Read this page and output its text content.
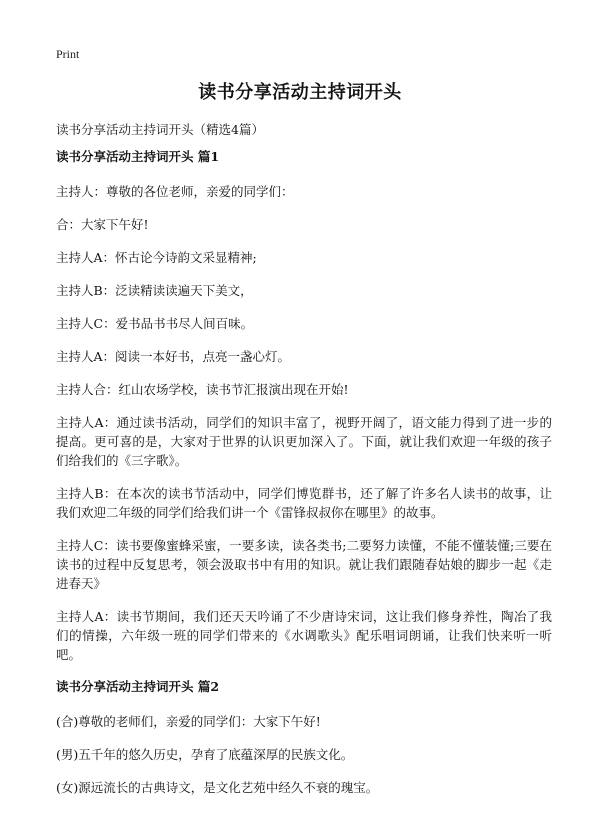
Print
读书分享活动主持词开头
读书分享活动主持词开头（精选4篇）
读书分享活动主持词开头 篇1

主持人：尊敬的各位老师，亲爱的同学们：

合：大家下午好!

主持人A：怀古论今诗韵文采显精神;

主持人B：泛读精读读遍天下美文，

主持人C：爱书品书书尽人间百味。

主持人A：阅读一本好书，点亮一盏心灯。

主持人合：红山农场学校，读书节汇报演出现在开始!

主持人A：通过读书活动，同学们的知识丰富了，视野开阔了，语文能力得到了进一步的提高。更可喜的是，大家对于世界的认识更加深入了。下面，就让我们欢迎一年级的孩子们给我们的《三字歌》。

主持人B：在本次的读书节活动中，同学们博览群书，还了解了许多名人读书的故事，让我们欢迎二年级的同学们给我们讲一个《雷锋叔叔你在哪里》的故事。

主持人C：读书要像蜜蜂采蜜，一要多读，读各类书;二要努力读懂，不能不懂装懂;三要在读书的过程中反复思考，领会汲取书中有用的知识。就让我们跟随春姑娘的脚步一起《走进春天》

主持人A：读书节期间，我们还天天吟诵了不少唐诗宋词，这让我们修身养性，陶冶了我们的情操，六年级一班的同学们带来的《水调歌头》配乐唱词朗诵，让我们快来听一听吧。

读书分享活动主持词开头 篇2

(合)尊敬的老师们，亲爱的同学们：大家下午好!

(男)五千年的悠久历史，孕育了底蕴深厚的民族文化。

(女)源远流长的古典诗文，是文化艺苑中经久不衰的瑰宝。
